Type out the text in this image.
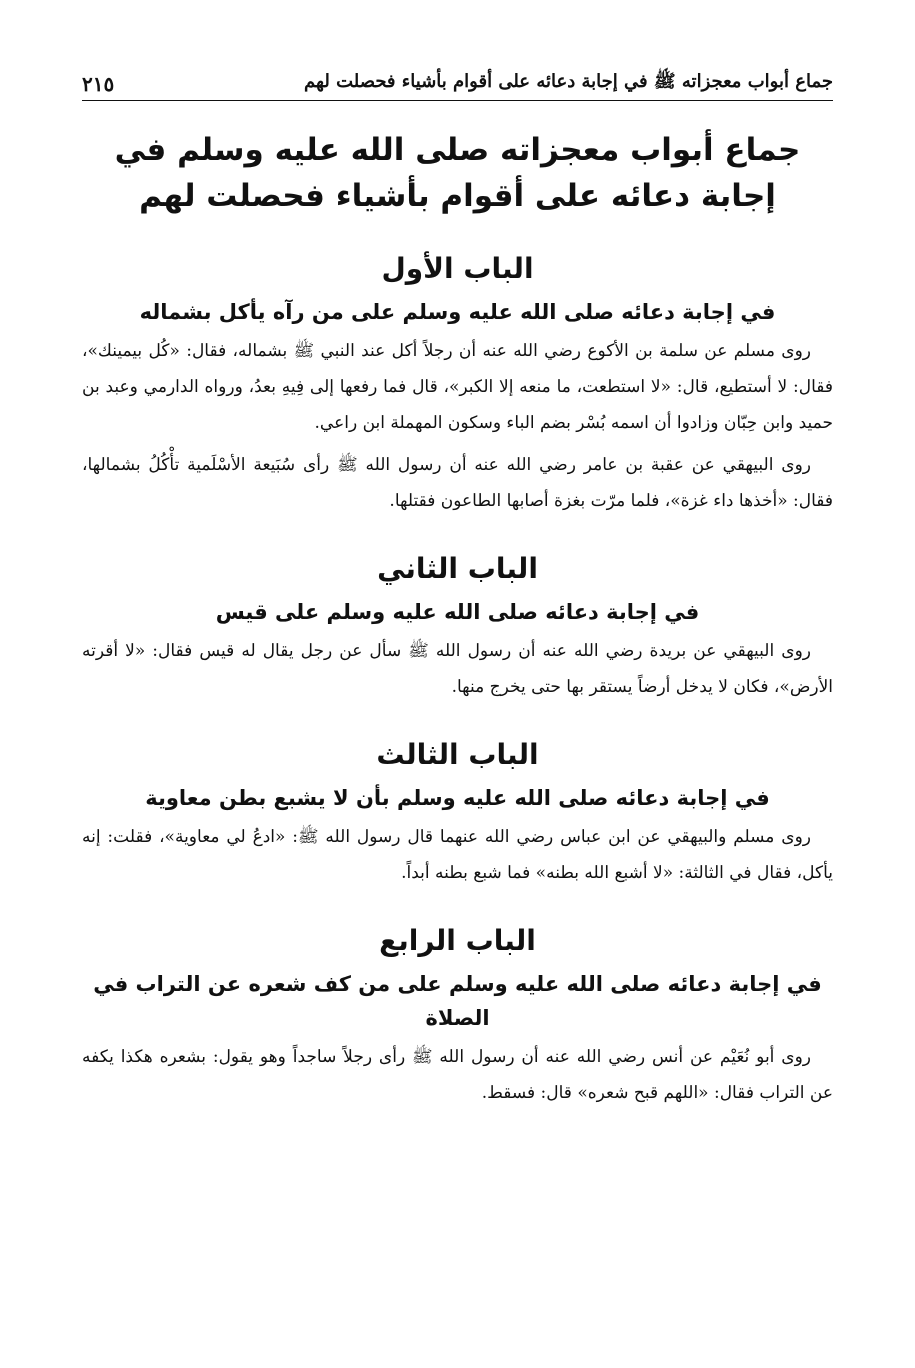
جماع أبواب معجزاته ﷺ في إجابة دعائه على أقوام بأشياء فحصلت لهم
٢١٥
جماع أبواب معجزاته صلى الله عليه وسلم في
إجابة دعائه على أقوام بأشياء فحصلت لهم
الباب الأول
في إجابة دعائه صلى الله عليه وسلم على من رآه يأكل بشماله

روى مسلم عن سلمة بن الأكوع رضي الله عنه أن رجلاً أكل عند النبي ﷺ بشماله، فقال: «كُل بيمينك»، فقال: لا أستطيع، قال: «لا استطعت، ما منعه إلا الكبر»، قال فما رفعها إلى فِيهِ بعدُ، ورواه الدارمي وعبد بن حميد وابن حِبّان وزادوا أن اسمه بُسْر بضم الباء وسكون المهملة ابن راعي.

روى البيهقي عن عقبة بن عامر رضي الله عنه أن رسول الله ﷺ رأى سُبَيعة الأسْلَمية تأْكُلُ بشمالها، فقال: «أخذها داء غزة»، فلما مرّت بغزة أصابها الطاعون فقتلها.

الباب الثاني
في إجابة دعائه صلى الله عليه وسلم على قيس

روى البيهقي عن بريدة رضي الله عنه أن رسول الله ﷺ سأل عن رجل يقال له قيس فقال: «لا أقرته الأرض»، فكان لا يدخل أرضاً يستقر بها حتى يخرج منها.

الباب الثالث
في إجابة دعائه صلى الله عليه وسلم بأن لا يشبع بطن معاوية

روى مسلم والبيهقي عن ابن عباس رضي الله عنهما قال رسول الله ﷺ: «ادعُ لي معاوية»، فقلت: إنه يأكل، فقال في الثالثة: «لا أشبع الله بطنه» فما شبع بطنه أبداً.

الباب الرابع
في إجابة دعائه صلى الله عليه وسلم على من كف شعره عن التراب في الصلاة

روى أبو نُعَيْم عن أنس رضي الله عنه أن رسول الله ﷺ رأى رجلاً ساجداً وهو يقول: بشعره هكذا يكفه عن التراب فقال: «اللهم قبح شعره» قال: فسقط.
